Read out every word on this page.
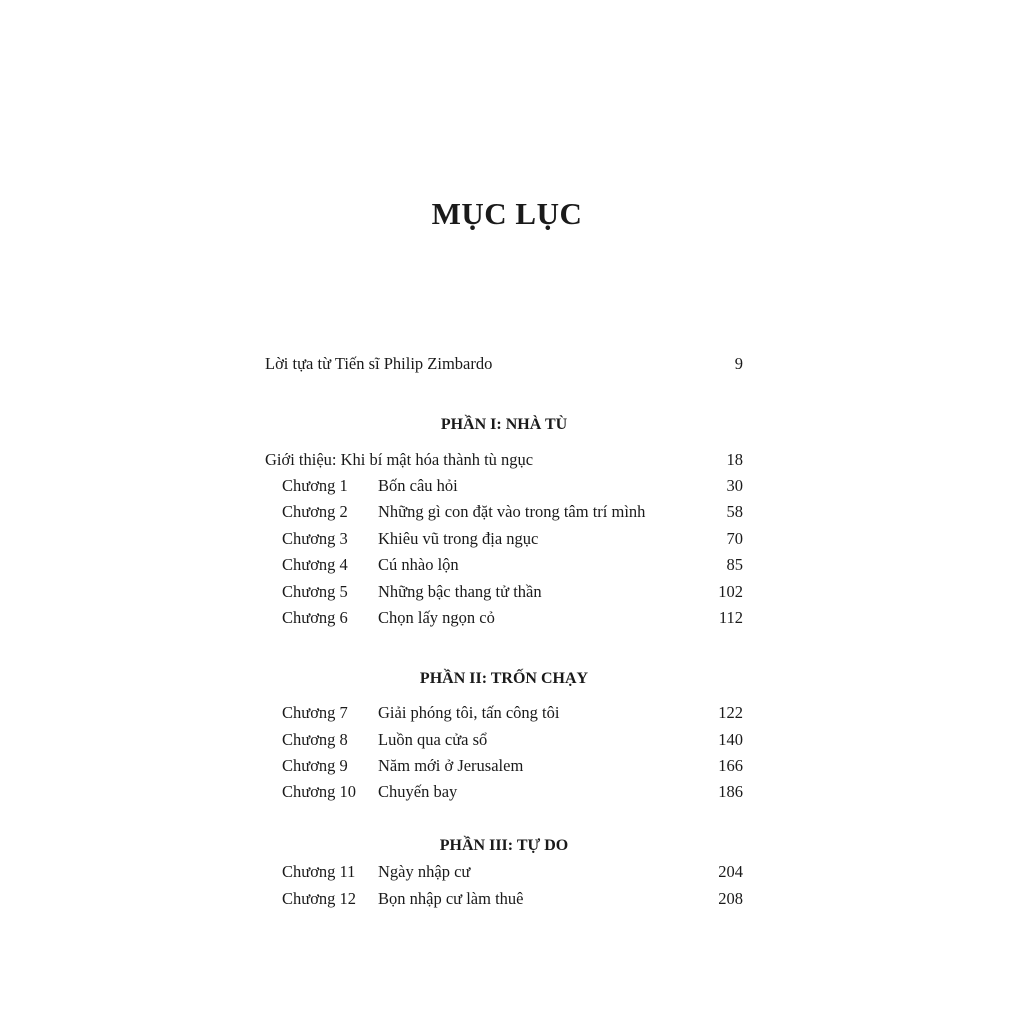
MỤC LỤC
Lời tựa từ Tiến sĩ Philip Zimbardo	9
PHẦN I: NHÀ TÙ
Giới thiệu: Khi bí mật hóa thành tù ngục	18
Chương 1 Bốn câu hỏi	30
Chương 2 Những gì con đặt vào trong tâm trí mình	58
Chương 3 Khiêu vũ trong địa ngục	70
Chương 4 Cú nhào lộn	85
Chương 5 Những bậc thang tử thần	102
Chương 6 Chọn lấy ngọn cỏ	112
PHẦN II: TRỐN CHẠY
Chương 7 Giải phóng tôi, tấn công tôi	122
Chương 8 Luồn qua cửa sổ	140
Chương 9 Năm mới ở Jerusalem	166
Chương 10 Chuyến bay	186
PHẦN III: TỰ DO
Chương 11 Ngày nhập cư	204
Chương 12 Bọn nhập cư làm thuê	208
